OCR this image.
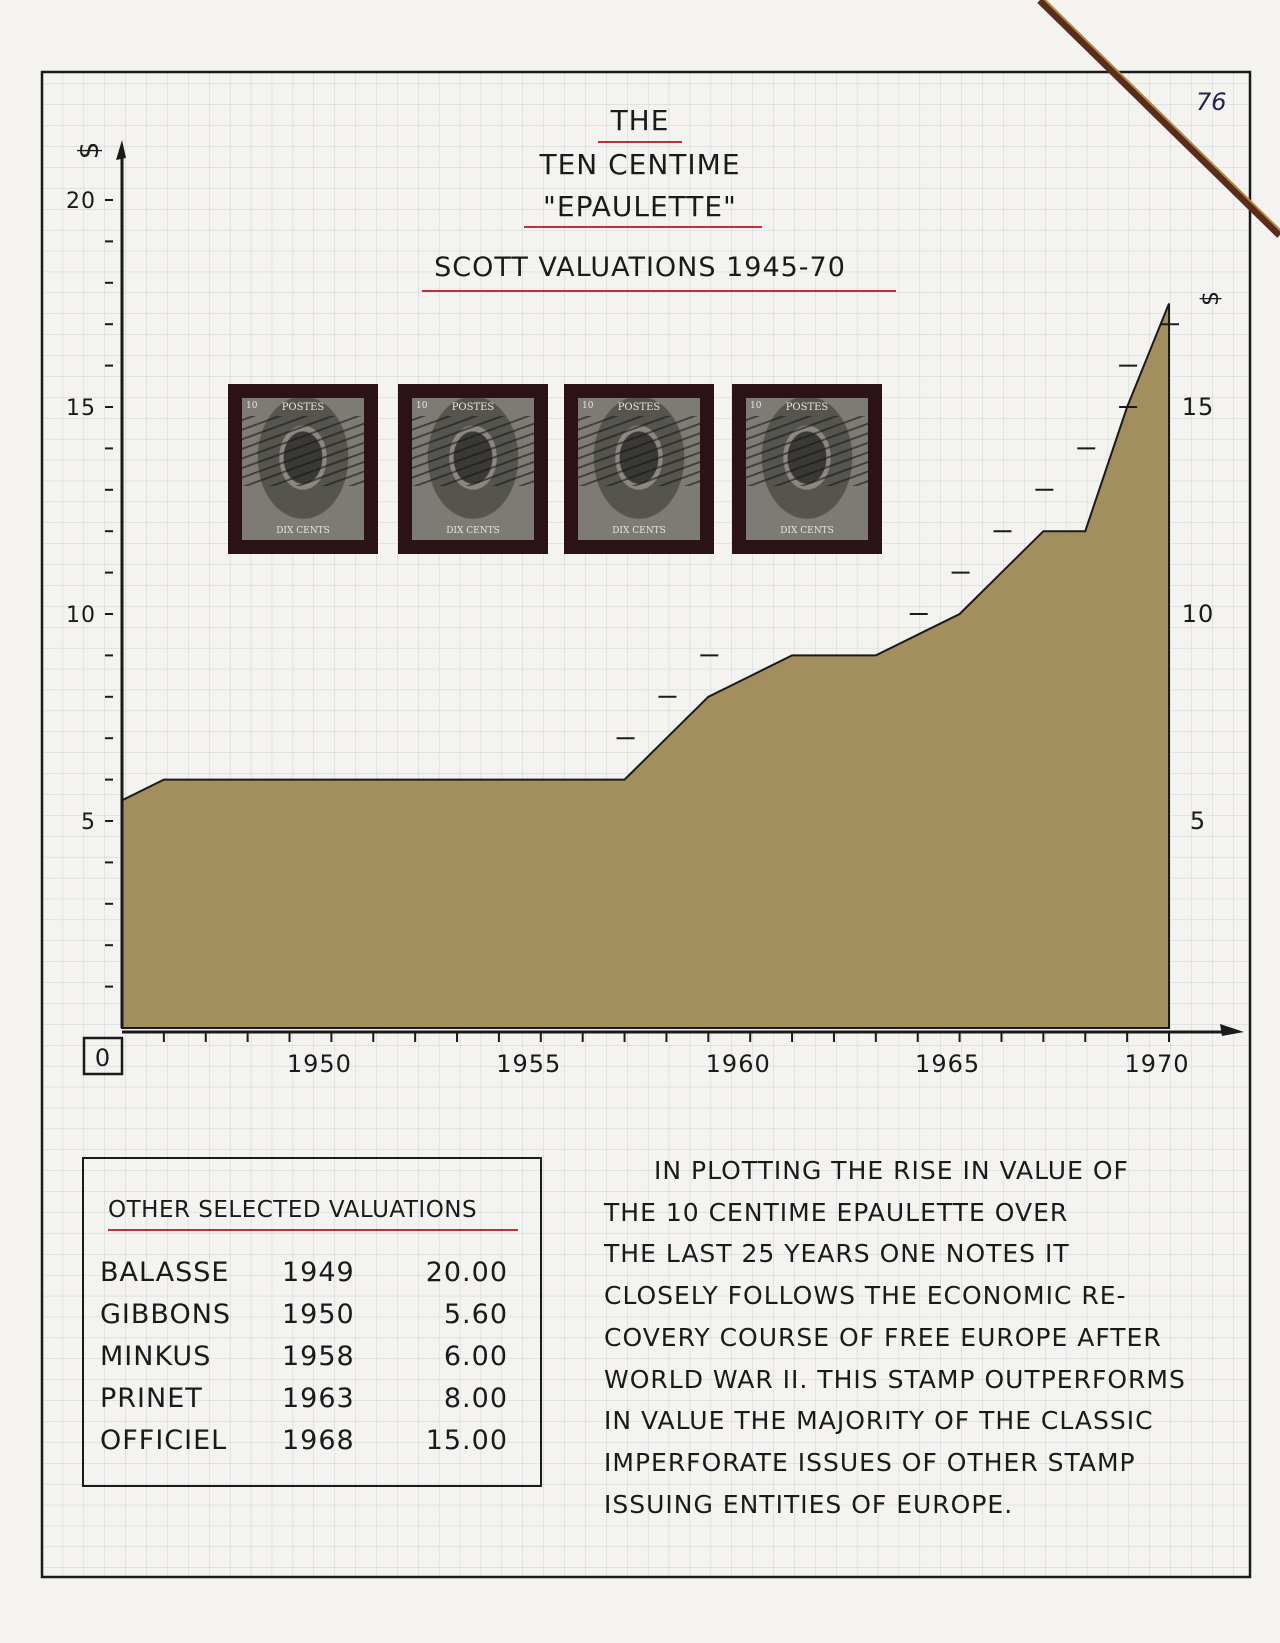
76
$
5
10
15
20
$
5
10
15
1950	1955	1960	1965	1970
0
THE
TEN CENTIME
"EPAULETTE"
SCOTT VALUATIONS 1945-70
POSTES
10
DIX CENTS
POSTES
10
DIX CENTS
POSTES
10
DIX CENTS
POSTES
10
DIX CENTS
OTHER SELECTED VALUATIONS
BALASSE 1949	20.00
GIBBONS 1950	5.60
MINKUS	1958	6.00
PRINET	1963	8.00
OFFICIEL 1968	15.00
IN PLOTTING THE RISE IN VALUE OF
THE 10 CENTIME EPAULETTE OVER
THE LAST 25 YEARS ONE NOTES IT
CLOSELY FOLLOWS THE ECONOMIC RE-
COVERY COURSE OF FREE EUROPE AFTER
WORLD WAR II. THIS STAMP OUTPERFORMS
IN VALUE THE MAJORITY OF THE CLASSIC
IMPERFORATE ISSUES OF OTHER STAMP
ISSUING ENTITIES OF EUROPE.
